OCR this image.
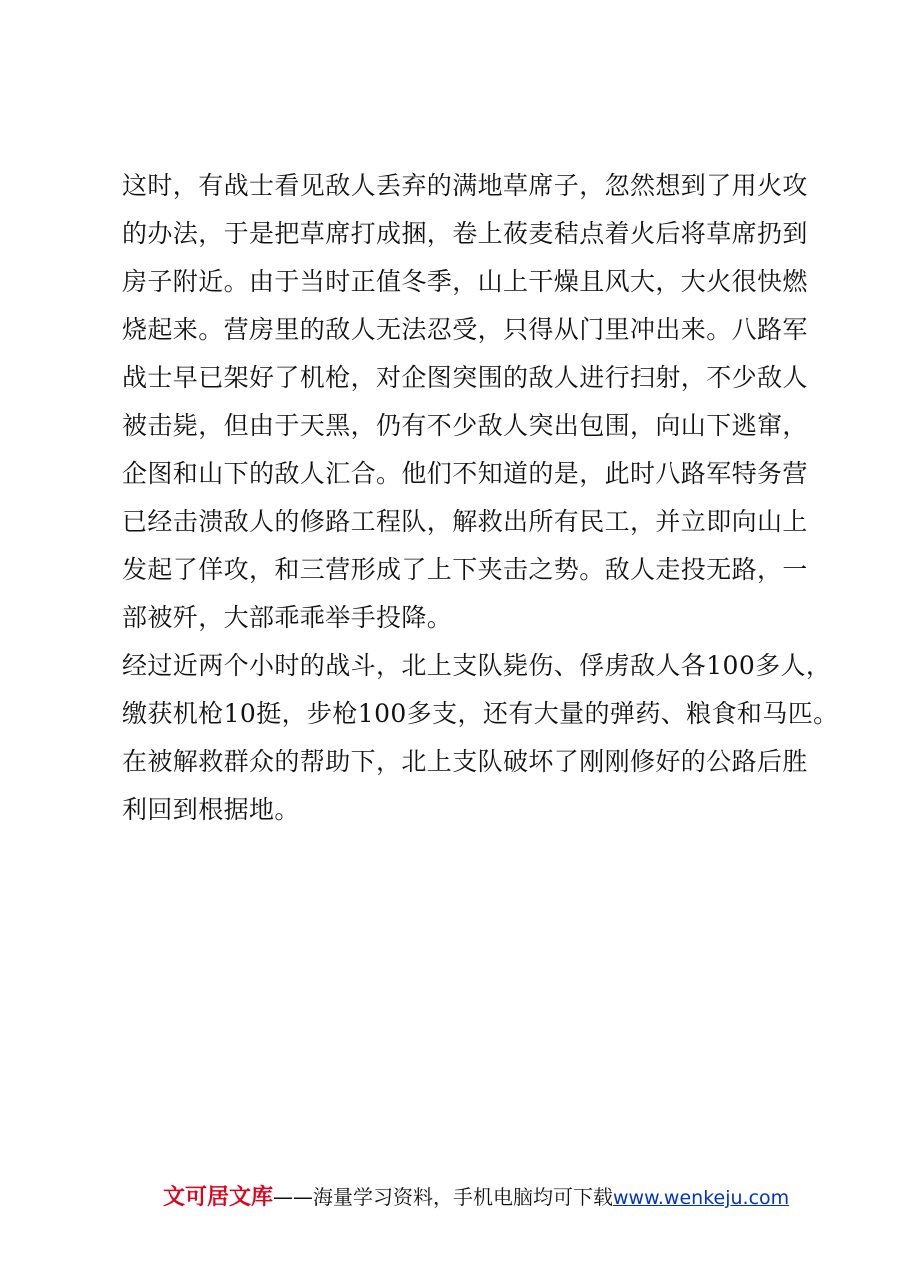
这时，有战士看见敌人丢弃的满地草席子，忽然想到了用火攻
的办法，于是把草席打成捆，卷上莜麦秸点着火后将草席扔到
房子附近。由于当时正值冬季，山上干燥且风大，大火很快燃
烧起来。营房里的敌人无法忍受，只得从门里冲出来。八路军
战士早已架好了机枪，对企图突围的敌人进行扫射，不少敌人
被击毙，但由于天黑，仍有不少敌人突出包围，向山下逃窜，
企图和山下的敌人汇合。他们不知道的是，此时八路军特务营
已经击溃敌人的修路工程队，解救出所有民工，并立即向山上
发起了佯攻，和三营形成了上下夹击之势。敌人走投无路，一
部被歼，大部乖乖举手投降。
经过近两个小时的战斗，北上支队毙伤、俘虏敌人各100多人，
缴获机枪10挺，步枪100多支，还有大量的弹药、粮食和马匹。
在被解救群众的帮助下，北上支队破坏了刚刚修好的公路后胜
利回到根据地。
文可居文库——海量学习资料，手机电脑均可下载www.wenkeju.com
